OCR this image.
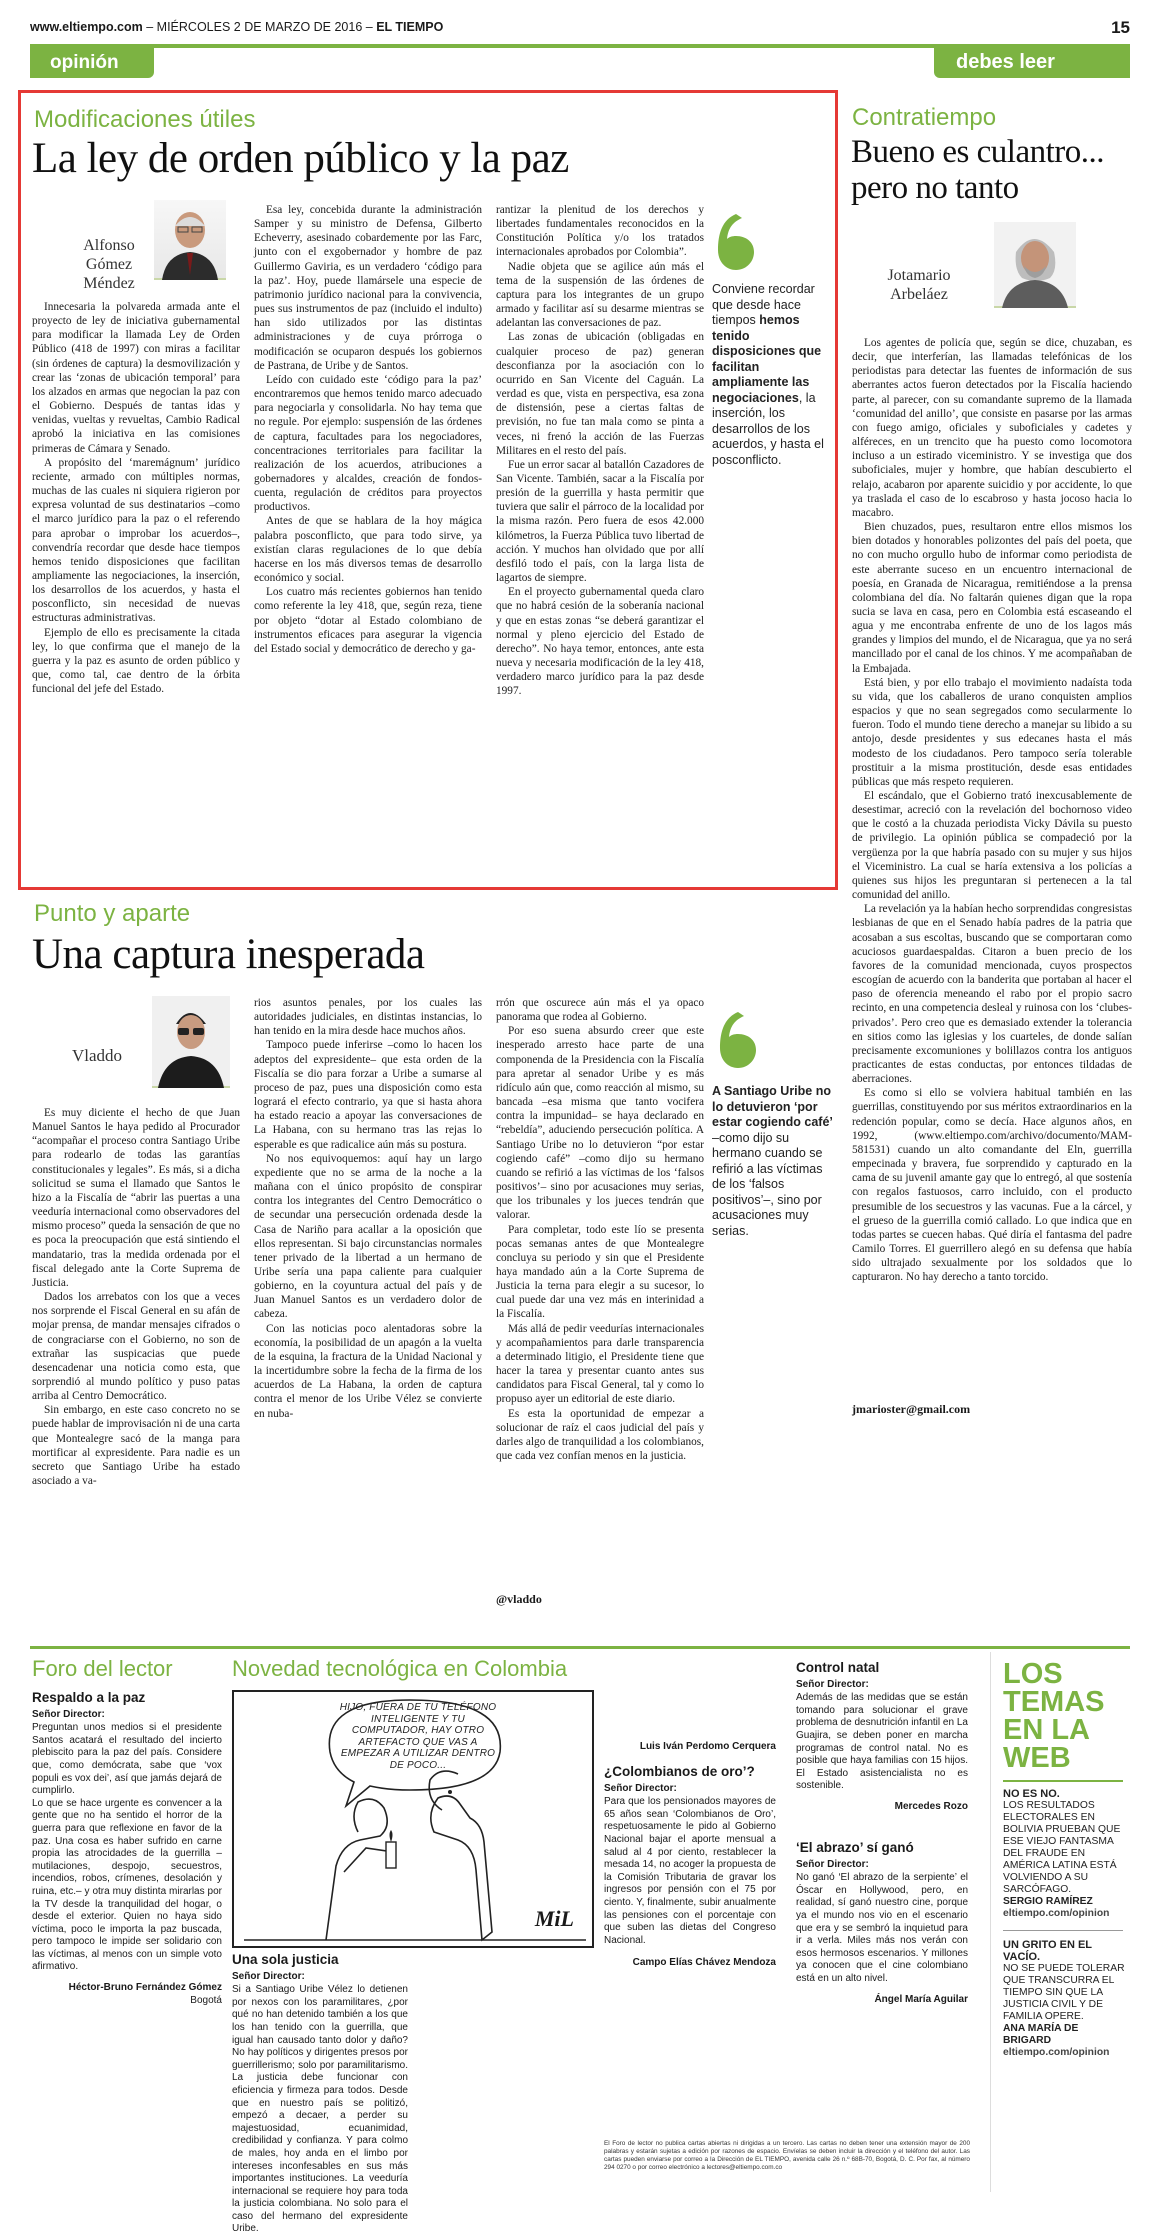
www.eltiempo.com – MIÉRCOLES 2 DE MARZO DE 2016 – EL TIEMPO	15
opinión	debes leer
Modificaciones útiles
La ley de orden público y la paz
Alfonso Gómez Méndez

Innecesaria la polvareda armada ante el proyecto de ley de iniciativa gubernamental para modificar la llamada Ley de Orden Público (418 de 1997) con miras a facilitar (sin órdenes de captura) la desmovilización y crear las ‘zonas de ubicación temporal’ para los alzados en armas que negocian la paz con el Gobierno. Después de tantas idas y venidas, vueltas y revueltas, Cambio Radical aprobó la iniciativa en las comisiones primeras de Cámara y Senado.

A propósito del ‘maremágnum’ jurídico reciente, armado con múltiples normas, muchas de las cuales ni siquiera rigieron por expresa voluntad de sus destinatarios –como el marco jurídico para la paz o el referendo para aprobar o improbar los acuerdos–, convendría recordar que desde hace tiempos hemos tenido disposiciones que facilitan ampliamente las negociaciones, la inserción, los desarrollos de los acuerdos, y hasta el posconflicto, sin necesidad de nuevas estructuras administrativas.

Ejemplo de ello es precisamente la citada ley, lo que confirma que el manejo de la guerra y la paz es asunto de orden público y que, como tal, cae dentro de la órbita funcional del jefe del Estado.

Esa ley, concebida durante la administración Samper y su ministro de Defensa, Gilberto Echeverry, asesinado cobardemente por las Farc, junto con el exgobernador y hombre de paz Guillermo Gaviria, es un verdadero ‘código para la paz’. Hoy, puede llamársele una especie de patrimonio jurídico nacional para la convivencia, pues sus instrumentos de paz (incluido el indulto) han sido utilizados por las distintas administraciones y de cuya prórroga o modificación se ocuparon después los gobiernos de Pastrana, de Uribe y de Santos.

Leído con cuidado este ‘código para la paz’ encontraremos que hemos tenido marco adecuado para negociarla y consolidarla. No hay tema que no regule. Por ejemplo: suspensión de las órdenes de captura, facultades para los negociadores, concentraciones territoriales para facilitar la realización de los acuerdos, atribuciones a gobernadores y alcaldes, creación de fondos-cuenta, regulación de créditos para proyectos productivos.

Antes de que se hablara de la hoy mágica palabra posconflicto, que para todo sirve, ya existían claras regulaciones de lo que debía hacerse en los más diversos temas de desarrollo económico y social.

Los cuatro más recientes gobiernos han tenido como referente la ley 418, que, según reza, tiene por objeto “dotar al Estado colombiano de instrumentos eficaces para asegurar la vigencia del Estado social y democrático de derecho y ga-

rantizar la plenitud de los derechos y libertades fundamentales reconocidos en la Constitución Política y/o los tratados internacionales aprobados por Colombia”.

Nadie objeta que se agilice aún más el tema de la suspensión de las órdenes de captura para los integrantes de un grupo armado y facilitar así su desarme mientras se adelantan las conversaciones de paz.

Las zonas de ubicación (obligadas en cualquier proceso de paz) generan desconfianza por la asociación con lo ocurrido en San Vicente del Caguán. La verdad es que, vista en perspectiva, esa zona de distensión, pese a ciertas faltas de previsión, no fue tan mala como se pinta a veces, ni frenó la acción de las Fuerzas Militares en el resto del país.

Fue un error sacar al batallón Cazadores de San Vicente. También, sacar a la Fiscalía por presión de la guerrilla y hasta permitir que tuviera que salir el párroco de la localidad por la misma razón. Pero fuera de esos 42.000 kilómetros, la Fuerza Pública tuvo libertad de acción. Y muchos han olvidado que por allí desfiló todo el país, con la larga lista de lagartos de siempre.

En el proyecto gubernamental queda claro que no habrá cesión de la soberanía nacional y que en estas zonas “se deberá garantizar el normal y pleno ejercicio del Estado de derecho”. No haya temor, entonces, ante esta nueva y necesaria modificación de la ley 418, verdadero marco jurídico para la paz desde 1997.

Conviene recordar que desde hace tiempos hemos tenido disposiciones que facilitan ampliamente las negociaciones, la inserción, los desarrollos de los acuerdos, y hasta el posconflicto.
Contratiempo
Bueno es culantro... pero no tanto
Jotamario Arbeláez

Los agentes de policía que, según se dice, chuzaban, es decir, que interferían, las llamadas telefónicas de los periodistas para detectar las fuentes de información de sus aberrantes actos fueron detectados por la Fiscalía haciendo parte, al parecer, con su comandante supremo de la llamada ‘comunidad del anillo’, que consiste en pasarse por las armas con fuego amigo, oficiales y suboficiales y cadetes y alféreces, en un trencito que ha puesto como locomotora incluso a un estirado viceministro. Y se investiga que dos suboficiales, mujer y hombre, que habían descubierto el relajo, acabaron por aparente suicidio y por accidente, lo que ya traslada el caso de lo escabroso y hasta jocoso hacia lo macabro.

Bien chuzados, pues, resultaron entre ellos mismos los bien dotados y honorables polizontes del país del poeta, que no con mucho orgullo hubo de informar como periodista de este aberrante suceso en un encuentro internacional de poesía, en Granada de Nicaragua, remitiéndose a la prensa colombiana del día. No faltarán quienes digan que la ropa sucia se lava en casa, pero en Colombia está escaseando el agua y me encontraba enfrente de uno de los lagos más grandes y limpios del mundo, el de Nicaragua, que ya no será mancillado por el canal de los chinos. Y me acompañaban de la Embajada.

Está bien, y por ello trabajo el movimiento nadaísta toda su vida, que los caballeros de urano conquisten amplios espacios y que no sean segregados como secularmente lo fueron. Todo el mundo tiene derecho a manejar su libido a su antojo, desde presidentes y sus edecanes hasta el más modesto de los ciudadanos. Pero tampoco sería tolerable prostituir a la misma prostitución, desde esas entidades públicas que más respeto requieren.

El escándalo, que el Gobierno trató inexcusablemente de desestimar, acreció con la revelación del bochornoso video que le costó a la chuzada periodista Vicky Dávila su puesto de privilegio. La opinión pública se compadeció por la vergüenza por la que habría pasado con su mujer y sus hijos el Viceministro. La cual se haría extensiva a los policías a quienes sus hijos les preguntaran si pertenecen a la tal comunidad del anillo.

La revelación ya la habían hecho sorprendidas congresistas lesbianas de que en el Senado había padres de la patria que acosaban a sus escoltas, buscando que se comportaran como acuciosos guardaespaldas. Citaron a buen precio de los favores de la comunidad mencionada, cuyos prospectos escogían de acuerdo con la banderita que portaban al hacer el paso de oferencia meneando el rabo por el propio sacro recinto, en una competencia desleal y ruinosa con los ‘clubes-privados’. Pero creo que es demasiado extender la tolerancia en sitios como las iglesias y los cuarteles, de donde salían precisamente excomuniones y bolillazos contra los antiguos practicantes de estas conductas, por entonces tildadas de aberraciones.

Es como si ello se volviera habitual también en las guerrillas, constituyendo por sus méritos extraordinarios en la redención popular, como se decía. Hace algunos años, en 1992, (www.eltiempo.com/archivo/documento/MAM-581531) cuando un alto comandante del Eln, guerrilla empecinada y bravera, fue sorprendido y capturado en la cama de su juvenil amante gay que lo entregó, al que sostenía con regalos fastuosos, carro incluido, con el producto presumible de los secuestros y las vacunas. Fue a la cárcel, y el grueso de la guerrilla comió callado. Lo que indica que en todas partes se cuecen habas. Qué diría el fantasma del padre Camilo Torres. El guerrillero alegó en su defensa que había sido ultrajado sexualmente por los soldados que lo capturaron. No hay derecho a tanto torcido.

jmarioster@gmail.com
Punto y aparte
Una captura inesperada
Vladdo

Es muy diciente el hecho de que Juan Manuel Santos le haya pedido al Procurador “acompañar el proceso contra Santiago Uribe para rodearlo de todas las garantías constitucionales y legales”. Es más, si a dicha solicitud se suma el llamado que Santos le hizo a la Fiscalía de “abrir las puertas a una veeduría internacional como observadores del mismo proceso” queda la sensación de que no es poca la preocupación que está sintiendo el mandatario, tras la medida ordenada por el fiscal delegado ante la Corte Suprema de Justicia.

Dados los arrebatos con los que a veces nos sorprende el Fiscal General en su afán de mojar prensa, de mandar mensajes cifrados o de congraciarse con el Gobierno, no son de extrañar las suspicacias que puede desencadenar una noticia como esta, que sorprendió al mundo político y puso patas arriba al Centro Democrático.

Sin embargo, en este caso concreto no se puede hablar de improvisación ni de una carta que Montealegre sacó de la manga para mortificar al expresidente. Para nadie es un secreto que Santiago Uribe ha estado asociado a va-

rios asuntos penales, por los cuales las autoridades judiciales, en distintas instancias, lo han tenido en la mira desde hace muchos años.

Tampoco puede inferirse –como lo hacen los adeptos del expresidente– que esta orden de la Fiscalía se dio para forzar a Uribe a sumarse al proceso de paz, pues una disposición como esta logrará el efecto contrario, ya que si hasta ahora ha estado reacio a apoyar las conversaciones de La Habana, con su hermano tras las rejas lo esperable es que radicalice aún más su postura.

No nos equivoquemos: aquí hay un largo expediente que no se arma de la noche a la mañana con el único propósito de conspirar contra los integrantes del Centro Democrático o de secundar una persecución ordenada desde la Casa de Nariño para acallar a la oposición que ellos representan. Si bajo circunstancias normales tener privado de la libertad a un hermano de Uribe sería una papa caliente para cualquier gobierno, en la coyuntura actual del país y de Juan Manuel Santos es un verdadero dolor de cabeza.

Con las noticias poco alentadoras sobre la economía, la posibilidad de un apagón a la vuelta de la esquina, la fractura de la Unidad Nacional y la incertidumbre sobre la fecha de la firma de los acuerdos de La Habana, la orden de captura contra el menor de los Uribe Vélez se convierte en nuba-

rrón que oscurece aún más el ya opaco panorama que rodea al Gobierno.

Por eso suena absurdo creer que este inesperado arresto hace parte de una componenda de la Presidencia con la Fiscalía para apretar al senador Uribe y es más ridículo aún que, como reacción al mismo, su bancada –esa misma que tanto vocifera contra la impunidad– se haya declarado en “rebeldía”, aduciendo persecución política. A Santiago Uribe no lo detuvieron “por estar cogiendo café” –como dijo su hermano cuando se refirió a las víctimas de los ‘falsos positivos’– sino por acusaciones muy serias, que los tribunales y los jueces tendrán que valorar.

Para completar, todo este lío se presenta pocas semanas antes de que Montealegre concluya su periodo y sin que el Presidente haya mandado aún a la Corte Suprema de Justicia la terna para elegir a su sucesor, lo cual puede dar una vez más en interinidad a la Fiscalía.

Más allá de pedir veedurías internacionales y acompañamientos para darle transparencia a determinado litigio, el Presidente tiene que hacer la tarea y presentar cuanto antes sus candidatos para Fiscal General, tal y como lo propuso ayer un editorial de este diario.

Es esta la oportunidad de empezar a solucionar de raíz el caos judicial del país y darles algo de tranquilidad a los colombianos, que cada vez confían menos en la justicia.

@vladdo
A Santiago Uribe no lo detuvieron ‘por estar cogiendo café’ –como dijo su hermano cuando se refirió a las víctimas de los ‘falsos positivos’–, sino por acusaciones muy serias.
Foro del lector
Respaldo a la paz
Señor Director:

Preguntan unos medios si el presidente Santos acatará el resultado del incierto plebiscito para la paz del país. Considere que, como demócrata, sabe que ‘vox populi es vox dei’, así que jamás dejará de cumplirlo.
Lo que se hace urgente es convencer a la gente que no ha sentido el horror de la guerra para que reflexione en favor de la paz. Una cosa es haber sufrido en carne propia las atrocidades de la guerrilla –mutilaciones, despojo, secuestros, incendios, robos, crímenes, desolación y ruina, etc.– y otra muy distinta mirarlas por la TV desde la tranquilidad del hogar, o desde el exterior. Quien no haya sido víctima, poco le importa la paz buscada, pero tampoco le impide ser solidario con las víctimas, al menos con un simple voto afirmativo.

Héctor-Bruno Fernández Gómez
Bogotá
Novedad tecnológica en Colombia
HIJO, FUERA DE TU TELÉFONO INTELIGENTE Y TU COMPUTADOR, HAY OTRO ARTEFACTO QUE VAS A EMPEZAR A UTILIZAR DENTRO DE POCO...
MiL
Una sola justicia
Señor Director:

Si a Santiago Uribe Vélez lo detienen por nexos con los paramilitares, ¿por qué no han detenido también a los que los han tenido con la guerrilla, que igual han causado tanto dolor y daño? No hay políticos y dirigentes presos por guerrillerismo; solo por paramilitarismo. La justicia debe funcionar con eficiencia y firmeza para todos. Desde que en nuestro país se politizó, empezó a decaer, a perder su majestuosidad, ecuanimidad, credibilidad y confianza. Y para colmo de males, hoy anda en el limbo por intereses inconfesables en sus más importantes instituciones. La veeduría internacional se requiere hoy para toda la justicia colombiana. No solo para el caso del hermano del expresidente Uribe.

Luis Iván Perdomo Cerquera
¿Colombianos de oro’?
Señor Director:

Para que los pensionados mayores de 65 años sean ‘Colombianos de Oro’, respetuosamente le pido al Gobierno Nacional bajar el aporte mensual a salud al 4 por ciento, restablecer la mesada 14, no acoger la propuesta de la Comisión Tributaria de gravar los ingresos por pensión con el 75 por ciento. Y, finalmente, subir anualmente las pensiones con el porcentaje con que suben las dietas del Congreso Nacional.

Campo Elías Chávez Mendoza
Control natal
Señor Director:

Además de las medidas que se están tomando para solucionar el grave problema de desnutrición infantil en La Guajira, se deben poner en marcha programas de control natal. No es posible que haya familias con 15 hijos. El Estado asistencialista no es sostenible.

Mercedes Rozo
‘El abrazo’ sí ganó
Señor Director:

No ganó ‘El abrazo de la serpiente’ el Óscar en Hollywood, pero, en realidad, sí ganó nuestro cine, porque ya el mundo nos vio en el escenario que era y se sembró la inquietud para ir a verla. Miles más nos verán con esos hermosos escenarios. Y millones ya conocen que el cine colombiano está en un alto nivel.

Ángel María Aguilar
El Foro de lector no publica cartas abiertas ni dirigidas a un tercero. Las cartas no deben tener una extensión mayor de 200 palabras y estarán sujetas a edición por razones de espacio. Envíelas se deben incluir la dirección y el teléfono del autor. Las cartas pueden enviarse por correo a la Dirección de EL TIEMPO, avenida calle 26 n.º 68B-70, Bogotá, D. C. Por fax, al número 294 0270 o por correo electrónico a lectores@eltiempo.com.co
LOS TEMAS EN LA WEB
NO ES NO.
LOS RESULTADOS ELECTORALES EN BOLIVIA PRUEBAN QUE ESE VIEJO FANTASMA DEL FRAUDE EN AMÉRICA LATINA ESTÁ VOLVIENDO A SU SARCÓFAGO.
SERGIO RAMÍREZ
eltiempo.com/opinion
UN GRITO EN EL VACÍO.
NO SE PUEDE TOLERAR QUE TRANSCURRA EL TIEMPO SIN QUE LA JUSTICIA CIVIL Y DE FAMILIA OPERE.
ANA MARÍA DE BRIGARD
eltiempo.com/opinion
